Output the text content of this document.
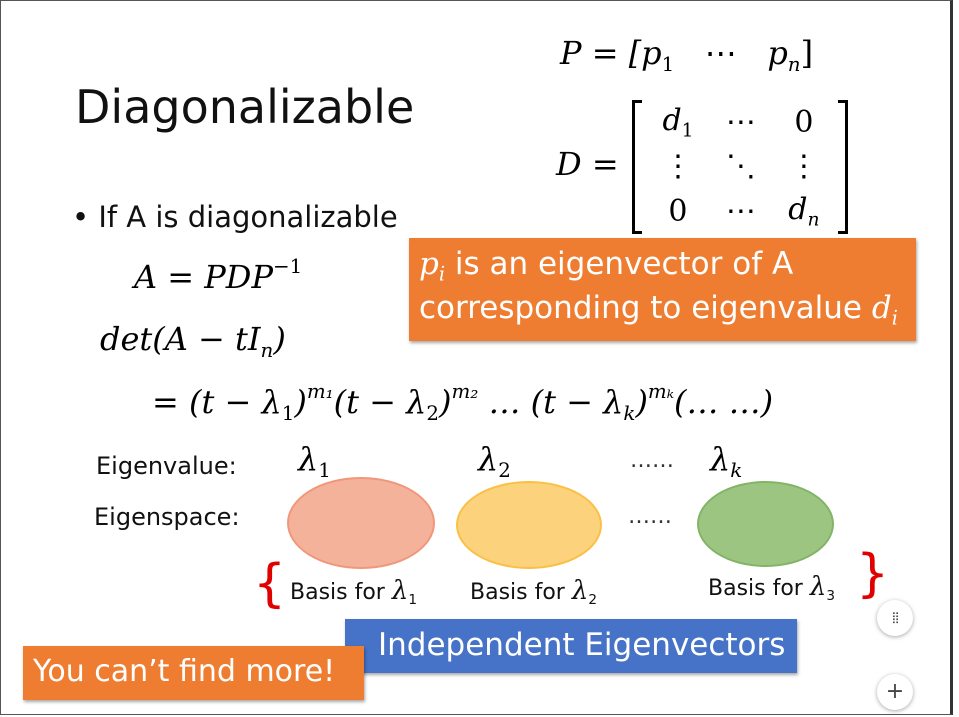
Diagonalizable
• If A is diagonalizable
$P = [p_1$ ⋯ $p_n$]
D =
$d_1$	⋯	0
⋮	⋱	⋮
0	⋯	$d_n$
$A = PDP^{-1}$
$\det(A - tI_n)$
= $(t - \lambda_1)^{m_1}(t - \lambda_2)^{m_2}$ … $(t - \lambda_k)^{m_k}(\dots$ …)
$p_i$ is an eigenvector of A
corresponding to eigenvalue $d_i$
Eigenvalue:
Eigenspace:
$\lambda_1$	$\lambda_2$	…… $\lambda_k$
……
{ Basis for $\lambda_1$ Basis for $\lambda_2$	Basis for $\lambda_3$ }
Independent Eigenvectors
You can’t find more!
⣿
+
